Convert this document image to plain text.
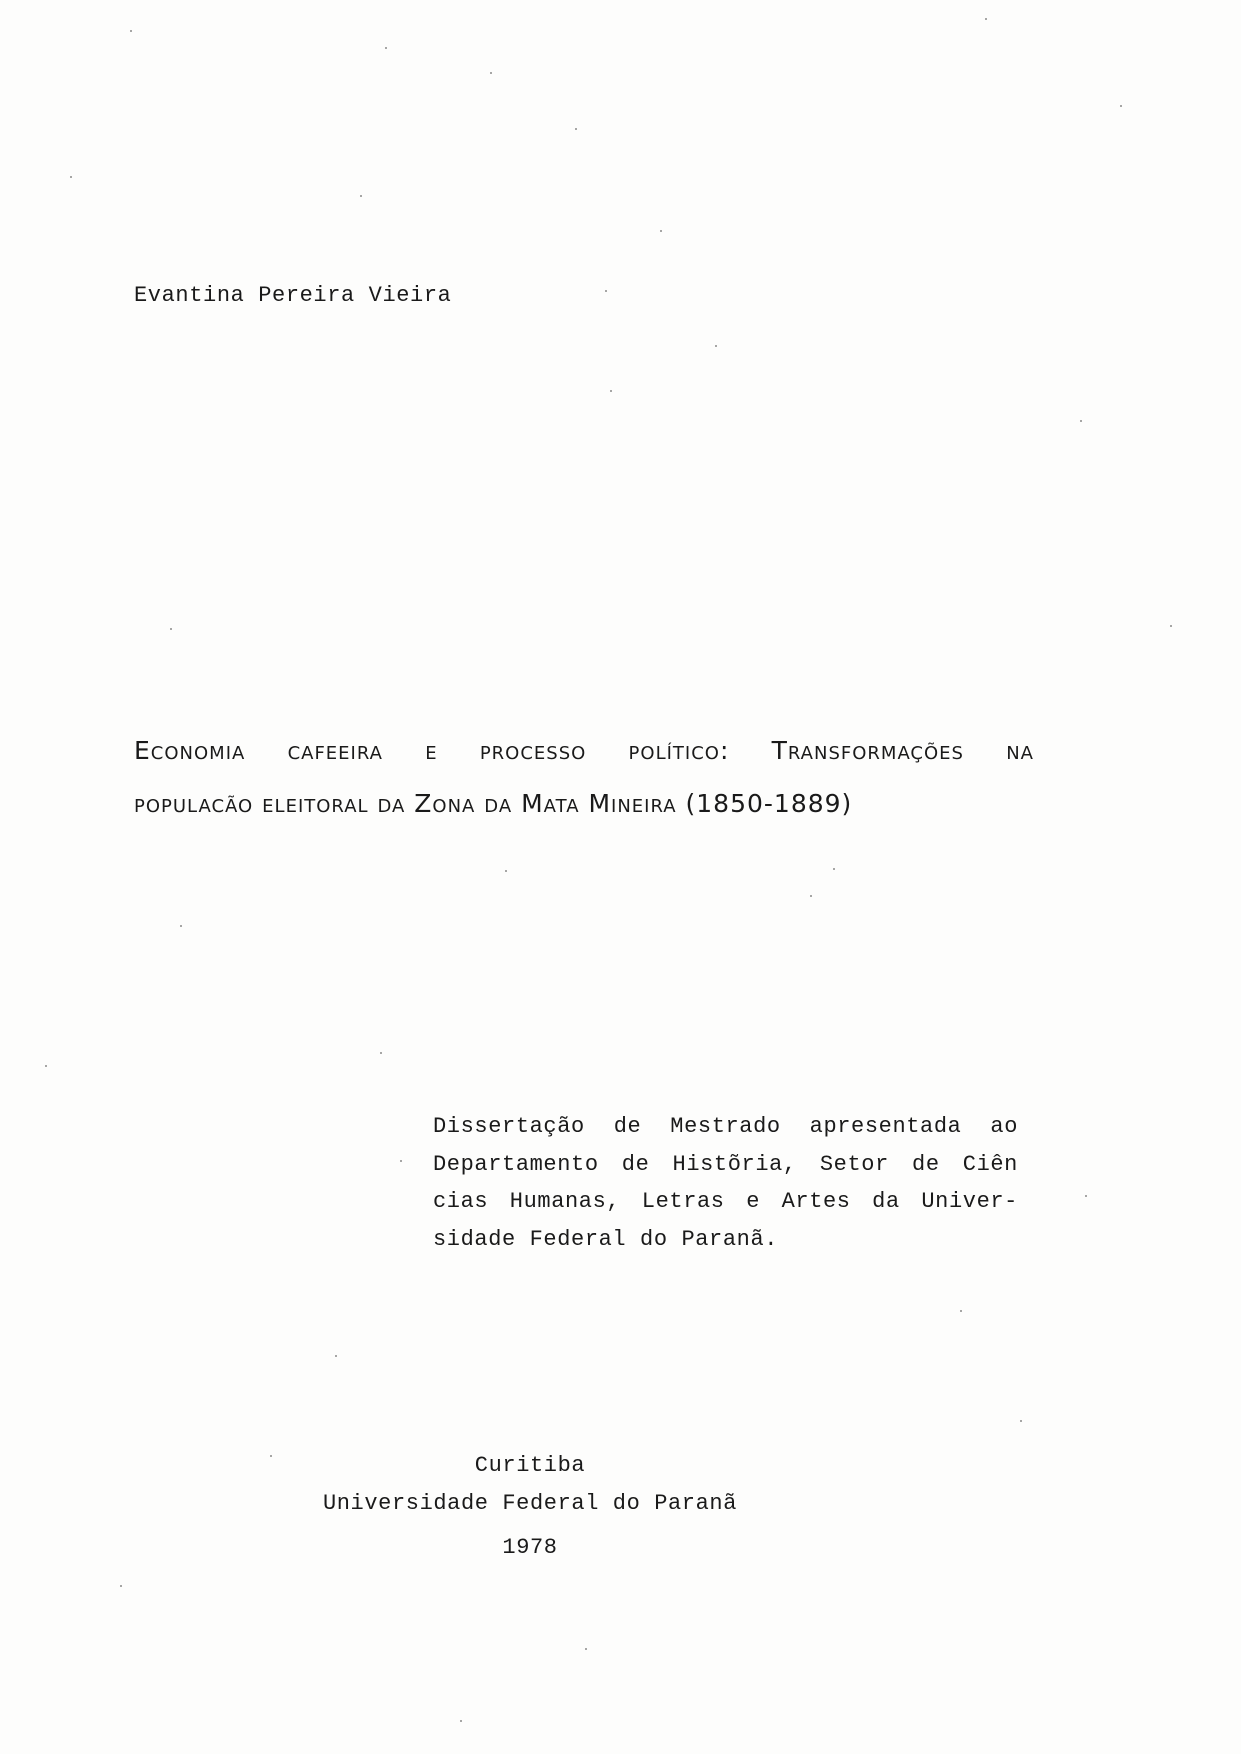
Evantina Pereira Vieira
Economia cafeeira e processo político: Transformações na
populacão eleitoral da Zona da Mata Mineira (1850-1889)
Dissertação de Mestrado apresentada ao
Departamento de Histõria, Setor de Ciên
cias Humanas, Letras e Artes da Univer-
sidade Federal do Paranã.
Curitiba
Universidade Federal do Paranã
1978
